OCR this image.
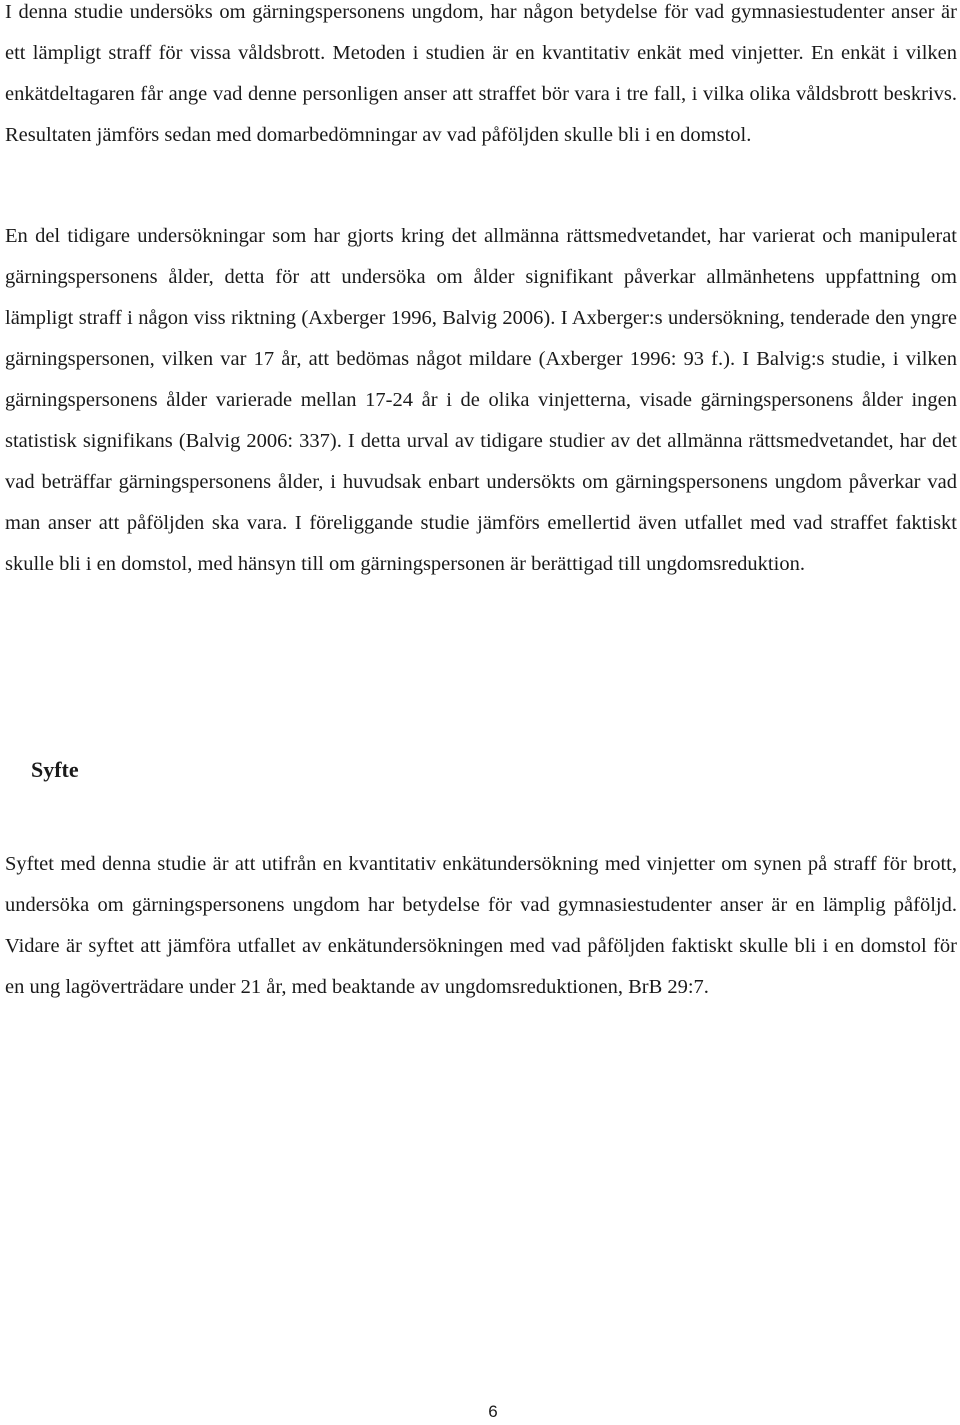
I denna studie undersöks om gärningspersonens ungdom, har någon betydelse för vad gymnasiestudenter anser är ett lämpligt straff för vissa våldsbrott. Metoden i studien är en kvantitativ enkät med vinjetter. En enkät i vilken enkätdeltagaren får ange vad denne personligen anser att straffet bör vara i tre fall, i vilka olika våldsbrott beskrivs. Resultaten jämförs sedan med domarbedömningar av vad påföljden skulle bli i en domstol.

En del tidigare undersökningar som har gjorts kring det allmänna rättsmedvetandet, har varierat och manipulerat gärningspersonens ålder, detta för att undersöka om ålder signifikant påverkar allmänhetens uppfattning om lämpligt straff i någon viss riktning (Axberger 1996, Balvig 2006). I Axberger:s undersökning, tenderade den yngre gärningspersonen, vilken var 17 år, att bedömas något mildare (Axberger 1996: 93 f.). I Balvig:s studie, i vilken gärningspersonens ålder varierade mellan 17-24 år i de olika vinjetterna, visade gärningspersonens ålder ingen statistisk signifikans (Balvig 2006: 337). I detta urval av tidigare studier av det allmänna rättsmedvetandet, har det vad beträffar gärningspersonens ålder, i huvudsak enbart undersökts om gärningspersonens ungdom påverkar vad man anser att påföljden ska vara. I föreliggande studie jämförs emellertid även utfallet med vad straffet faktiskt skulle bli i en domstol, med hänsyn till om gärningspersonen är berättigad till ungdomsreduktion.

Syfte

Syftet med denna studie är att utifrån en kvantitativ enkätundersökning med vinjetter om synen på straff för brott, undersöka om gärningspersonens ungdom har betydelse för vad gymnasiestudenter anser är en lämplig påföljd. Vidare är syftet att jämföra utfallet av enkätundersökningen med vad påföljden faktiskt skulle bli i en domstol för en ung lagöverträdare under 21 år, med beaktande av ungdomsreduktionen, BrB 29:7.

6
